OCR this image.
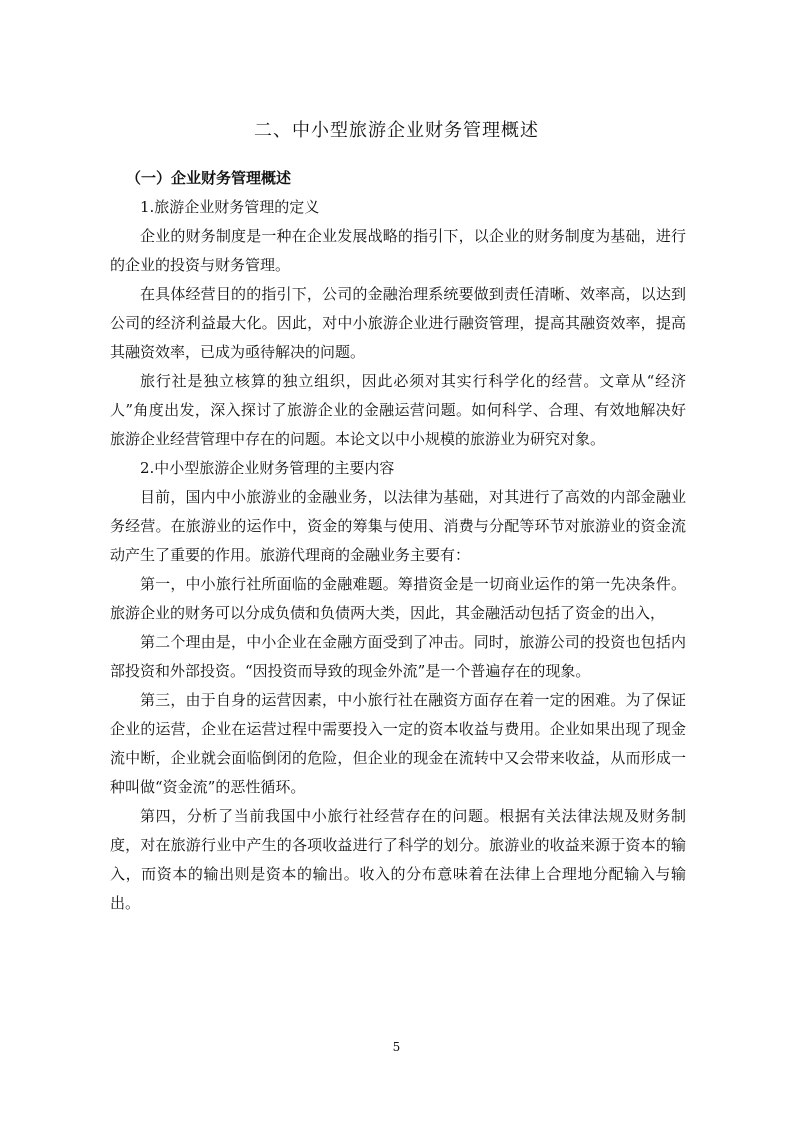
二、中小型旅游企业财务管理概述

（一）企业财务管理概述

1.旅游企业财务管理的定义

企业的财务制度是一种在企业发展战略的指引下，以企业的财务制度为基础，进行的企业的投资与财务管理。

在具体经营目的的指引下，公司的金融治理系统要做到责任清晰、效率高，以达到公司的经济利益最大化。因此，对中小旅游企业进行融资管理，提高其融资效率，提高其融资效率，已成为亟待解决的问题。

旅行社是独立核算的独立组织，因此必须对其实行科学化的经营。文章从“经济人”角度出发，深入探讨了旅游企业的金融运营问题。如何科学、合理、有效地解决好旅游企业经营管理中存在的问题。本论文以中小规模的旅游业为研究对象。

2.中小型旅游企业财务管理的主要内容

目前，国内中小旅游业的金融业务，以法律为基础，对其进行了高效的内部金融业务经营。在旅游业的运作中，资金的筹集与使用、消费与分配等环节对旅游业的资金流动产生了重要的作用。旅游代理商的金融业务主要有：

第一，中小旅行社所面临的金融难题。筹措资金是一切商业运作的第一先决条件。旅游企业的财务可以分成负债和负债两大类，因此，其金融活动包括了资金的出入，

第二个理由是，中小企业在金融方面受到了冲击。同时，旅游公司的投资也包括内部投资和外部投资。“因投资而导致的现金外流”是一个普遍存在的现象。

第三，由于自身的运营因素，中小旅行社在融资方面存在着一定的困难。为了保证企业的运营，企业在运营过程中需要投入一定的资本收益与费用。企业如果出现了现金流中断，企业就会面临倒闭的危险，但企业的现金在流转中又会带来收益，从而形成一种叫做“资金流”的恶性循环。

第四，分析了当前我国中小旅行社经营存在的问题。根据有关法律法规及财务制度，对在旅游行业中产生的各项收益进行了科学的划分。旅游业的收益来源于资本的输入，而资本的输出则是资本的输出。收入的分布意味着在法律上合理地分配输入与输出。

5
